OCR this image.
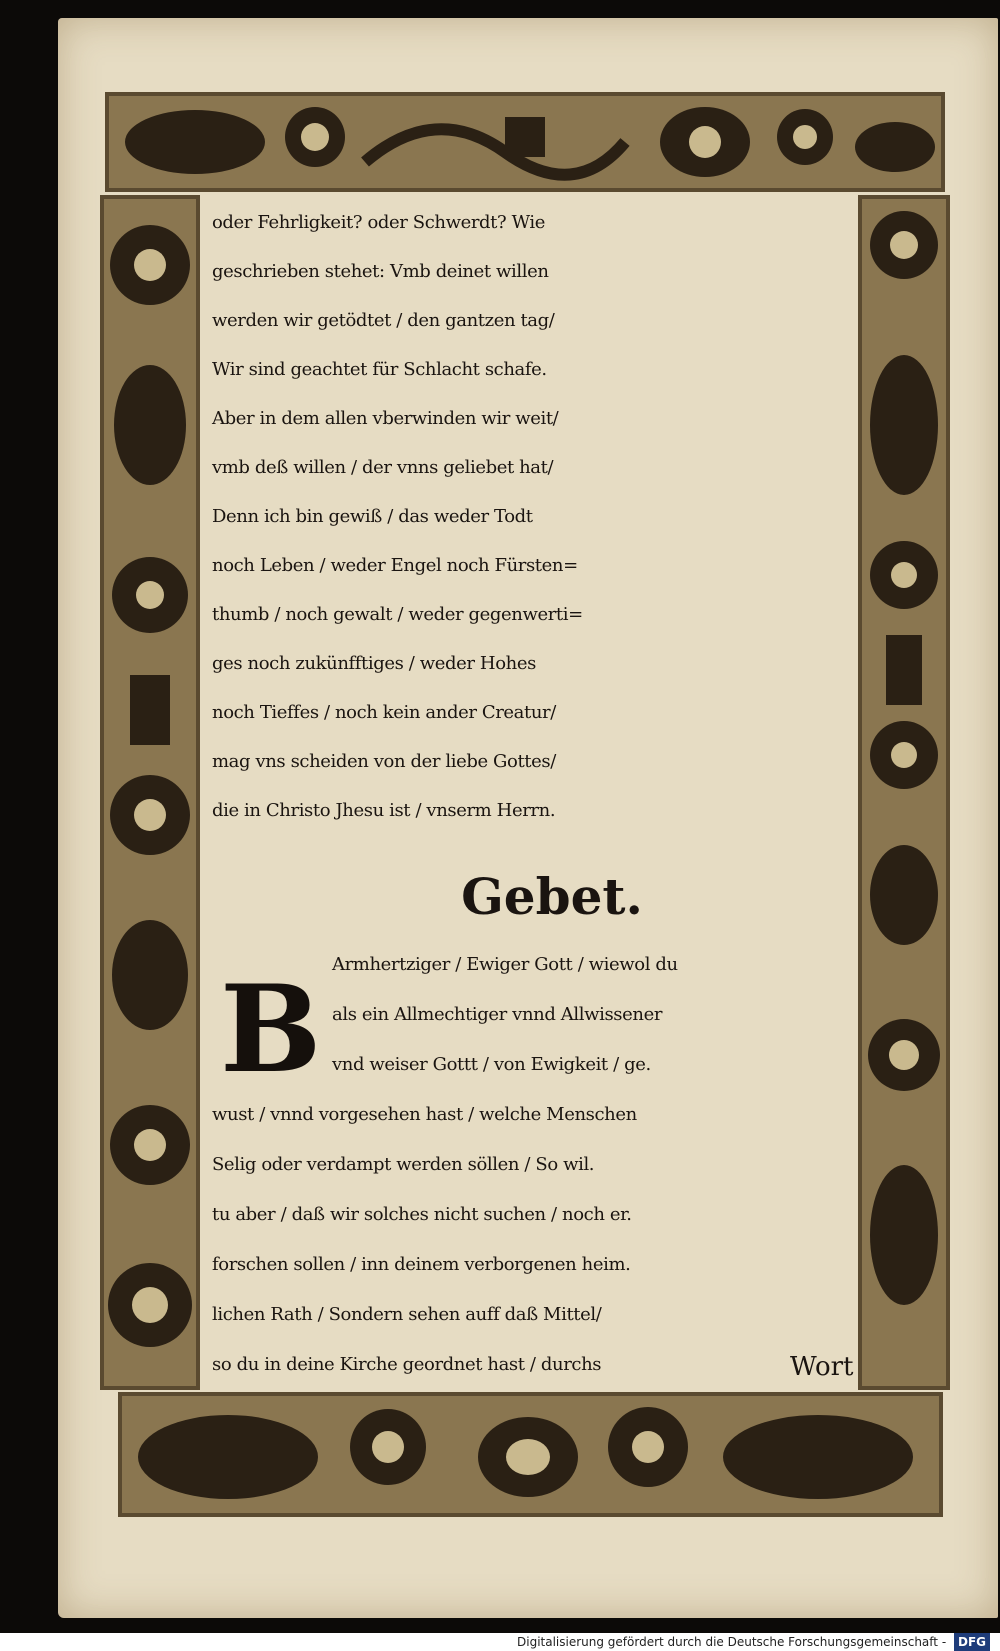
oder Fehrligkeit? oder Schwerdt? Wie
geschrieben stehet: Vmb deinet willen
werden wir getödtet / den gantzen tag/
Wir sind geachtet für Schlacht schafe.
Aber in dem allen vberwinden wir weit/
vmb deß willen / der vnns geliebet hat/
Denn ich bin gewiß / das weder Todt
noch Leben / weder Engel noch Fürsten=
thumb / noch gewalt / weder gegenwerti=
ges noch zukünfftiges / weder Hohes
noch Tieffes / noch kein ander Creatur/
mag vns scheiden von der liebe Gottes/
die in Christo Jhesu ist / vnserm Herrn.
Gebet.
Armhertziger / Ewiger Gott / wiewol du
als ein Allmechtiger vnnd Allwissener
vnd weiser Gottt / von Ewigkeit / ge.
wust / vnnd vorgesehen hast / welche Menschen
Selig oder verdampt werden söllen / So wil.
tu aber / daß wir solches nicht suchen / noch er.
forschen sollen / inn deinem verborgenen heim.
lichen Rath / Sondern sehen auff daß Mittel/
so du in deine Kirche geordnet hast / durchs
B
Wort
Digitalisierung gefördert durch die Deutsche Forschungsgemeinschaft - DFG
